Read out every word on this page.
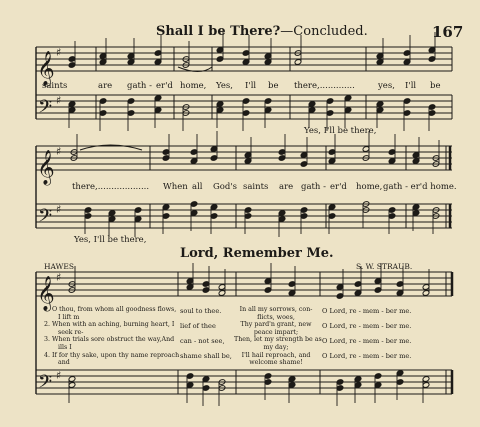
𝄞
𝄢
♯
♯
𝄞
𝄢
♯
♯
𝄞
𝄢
♯
♯
Shall I be There?—Concluded.	167
saints	are gath - er'd home, Yes, I'll be there,.............	yes, I'll be
Yes, I'll be there,
there,................... When all God's saints are gath - er'd home, gath - er'd home.
Yes, I'll be there,
Lord, Remember Me.
HAWES.	S. W. STRAUB.
1. O thou, from whom all goodness flows,
I lift m
2. When with an aching, burning heart, I
seek re-
3. When trials sore obstruct the way,And
ills I
4. If for thy sake, upon thy name reproach
and
soul to thee.
lief of thee
can - not see,
shame shall be,
In all my sorrows, con-
flicts, woes,
Thy pard'n grant, new
peace impart;
Then, let my strength be as
my day;
I'll hail reproach, and
welcome shame!
O Lord, re - mem - ber me.
O Lord, re - mem - ber me.
O Lord, re - mem - ber me.
O Lord, re - mem - ber me.
